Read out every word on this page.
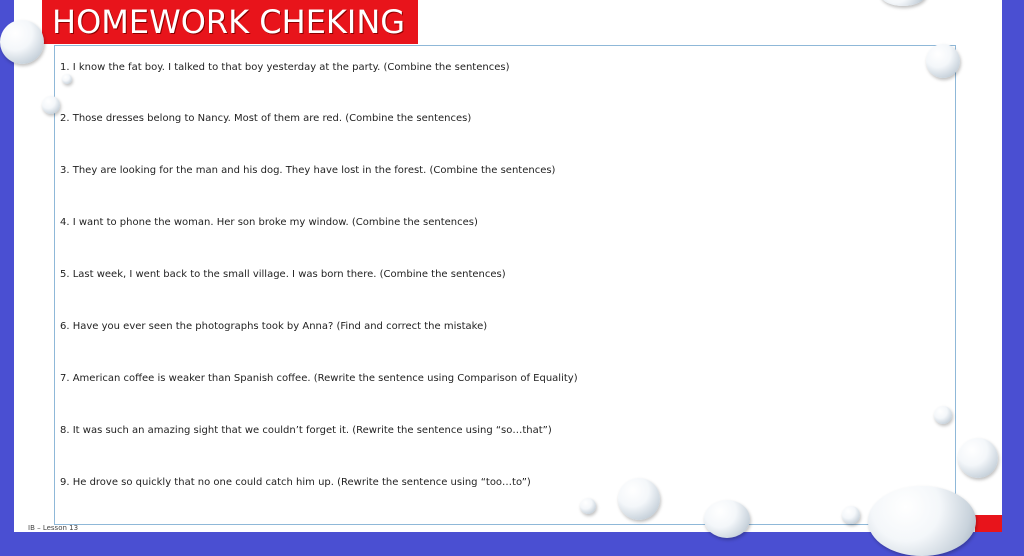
HOMEWORK CHEKING
1. I know the fat boy. I talked to that boy yesterday at the party. (Combine the sentences)
2. Those dresses belong to Nancy. Most of them are red. (Combine the sentences)
3. They are looking for the man and his dog. They have lost in the forest. (Combine the sentences)
4. I want to phone the woman. Her son broke my window. (Combine the sentences)
5. Last week, I went back to the small village. I was born there. (Combine the sentences)
6. Have you ever seen the photographs took by Anna? (Find and correct the mistake)
7. American coffee is weaker than Spanish coffee. (Rewrite the sentence using Comparison of Equality)
8. It was such an amazing sight that we couldn’t forget it. (Rewrite the sentence using “so…that”)
9. He drove so quickly that no one could catch him up. (Rewrite the sentence using “too…to”)
IB – Lesson 13
